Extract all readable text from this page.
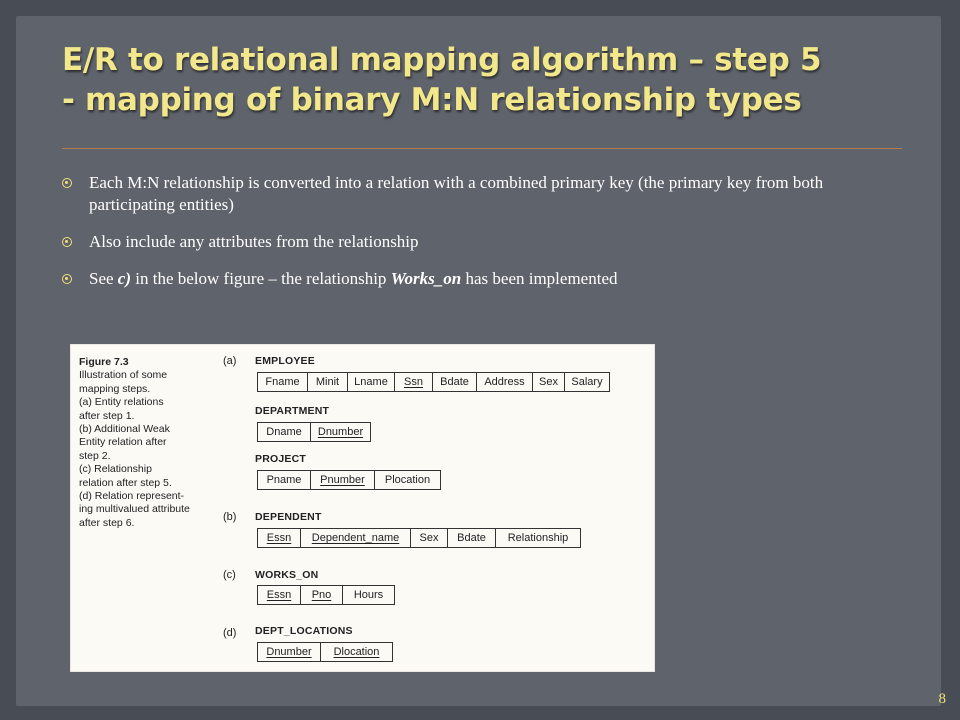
E/R to relational mapping algorithm – step 5
- mapping of binary M:N relationship types
Each M:N relationship is converted into a relation with a combined primary key (the primary key from both participating entities)
Also include any attributes from the relationship
See c) in the below figure – the relationship Works_on has been implemented
Figure 7.3
Illustration of some
mapping steps.
(a) Entity relations
after step 1.
(b) Additional Weak
Entity relation after
step 2.
(c) Relationship
relation after step 5.
(d) Relation represent-
ing multivalued attribute
after step 6.
(a)
(b)
(c)
(d)
EMPLOYEE
Fname	Minit	Lname	Ssn	Bdate	Address	Sex	Salary
DEPARTMENT
Dname	Dnumber
PROJECT
Pname	Pnumber	Plocation
DEPENDENT
Essn	Dependent_name	Sex	Bdate	Relationship
WORKS_ON
Essn	Pno	Hours
DEPT_LOCATIONS
Dnumber	Dlocation
8
